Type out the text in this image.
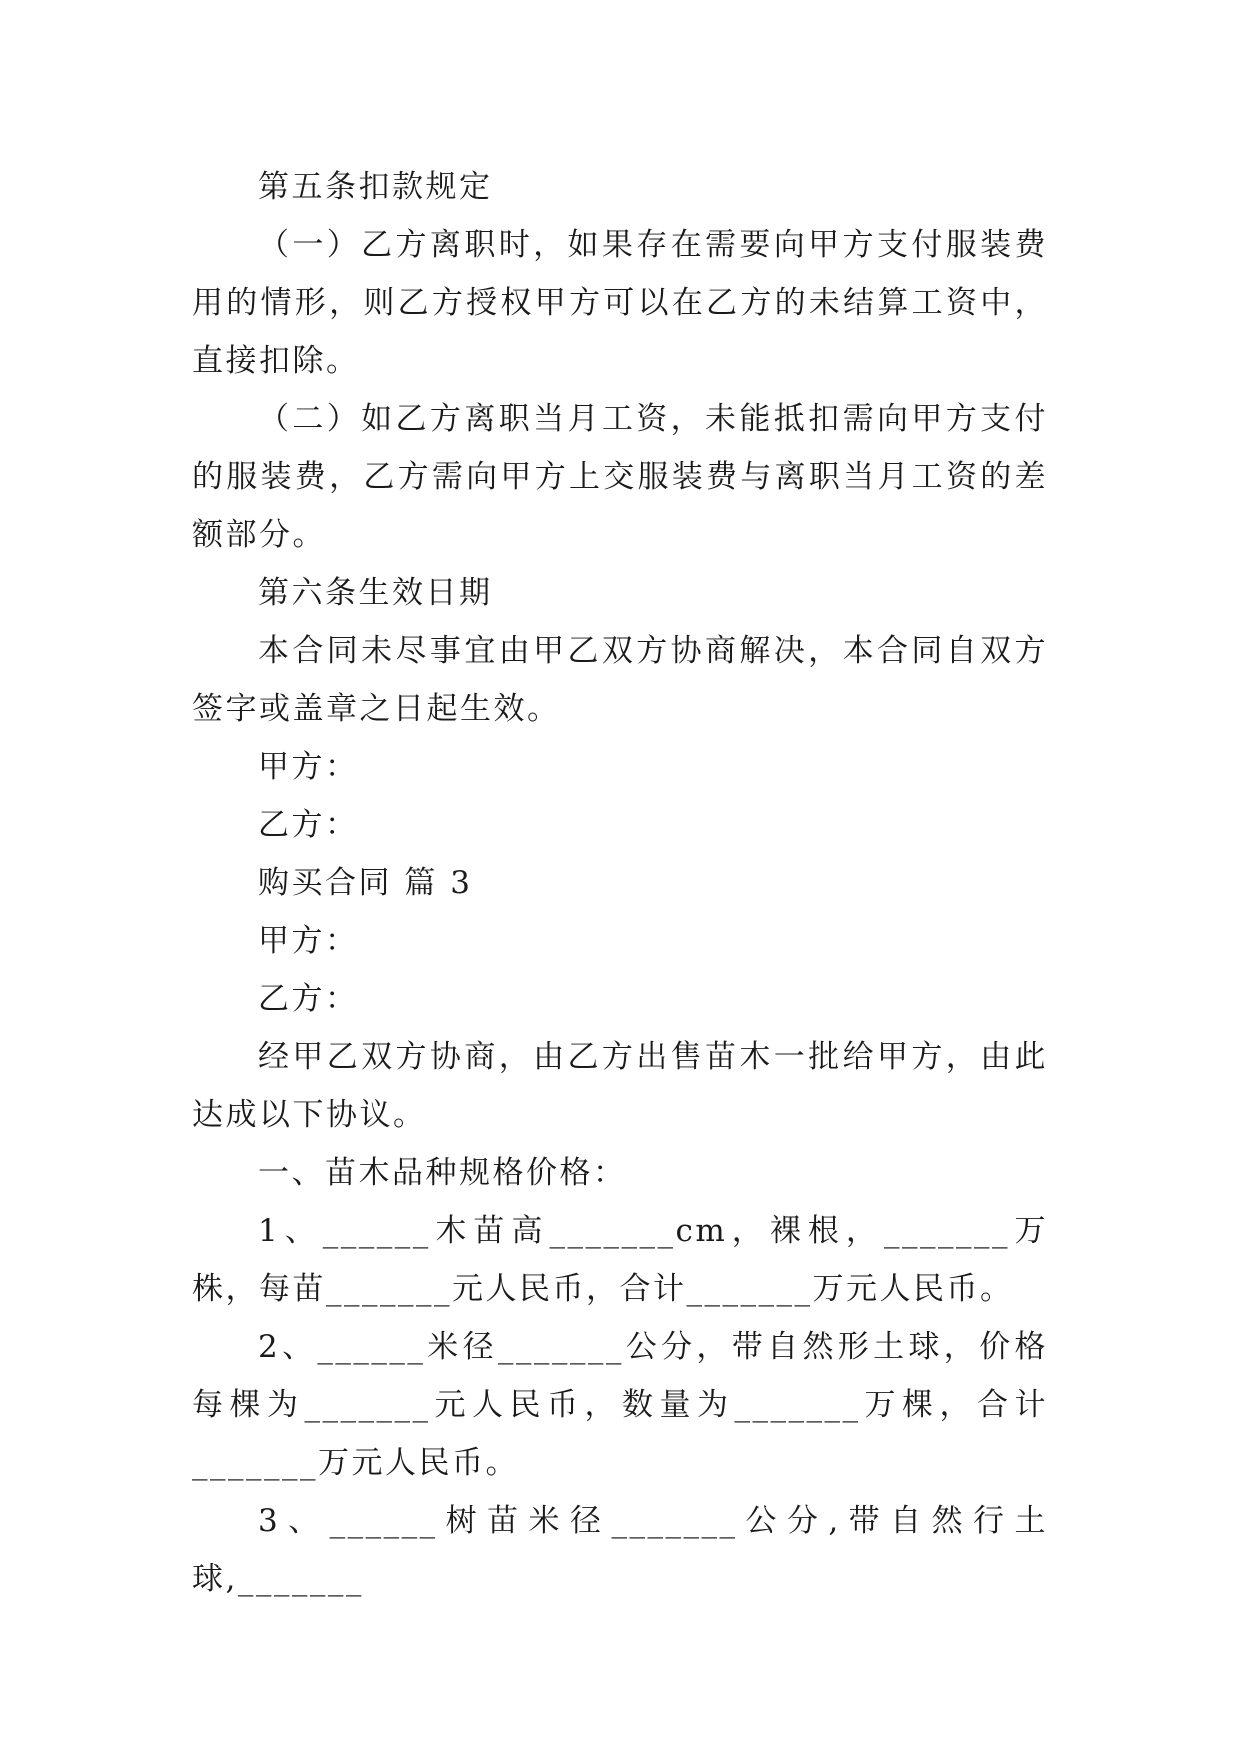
第五条扣款规定

（一）乙方离职时，如果存在需要向甲方支付服装费用的情形，则乙方授权甲方可以在乙方的未结算工资中，直接扣除。

（二）如乙方离职当月工资，未能抵扣需向甲方支付的服装费，乙方需向甲方上交服装费与离职当月工资的差额部分。

第六条生效日期

本合同未尽事宜由甲乙双方协商解决，本合同自双方签字或盖章之日起生效。

甲方：

乙方：

购买合同 篇 3

甲方：

乙方：

经甲乙双方协商，由乙方出售苗木一批给甲方，由此达成以下协议。

一、苗木品种规格价格：

1、______木苗高_______cm，裸根，_______万株，每苗_______元人民币，合计_______万元人民币。

2、______米径_______公分，带自然形土球，价格每棵为_______元人民币，数量为_______万棵，合计_______万元人民币。

3、______树苗米径_______公分,带自然行土球,_______
